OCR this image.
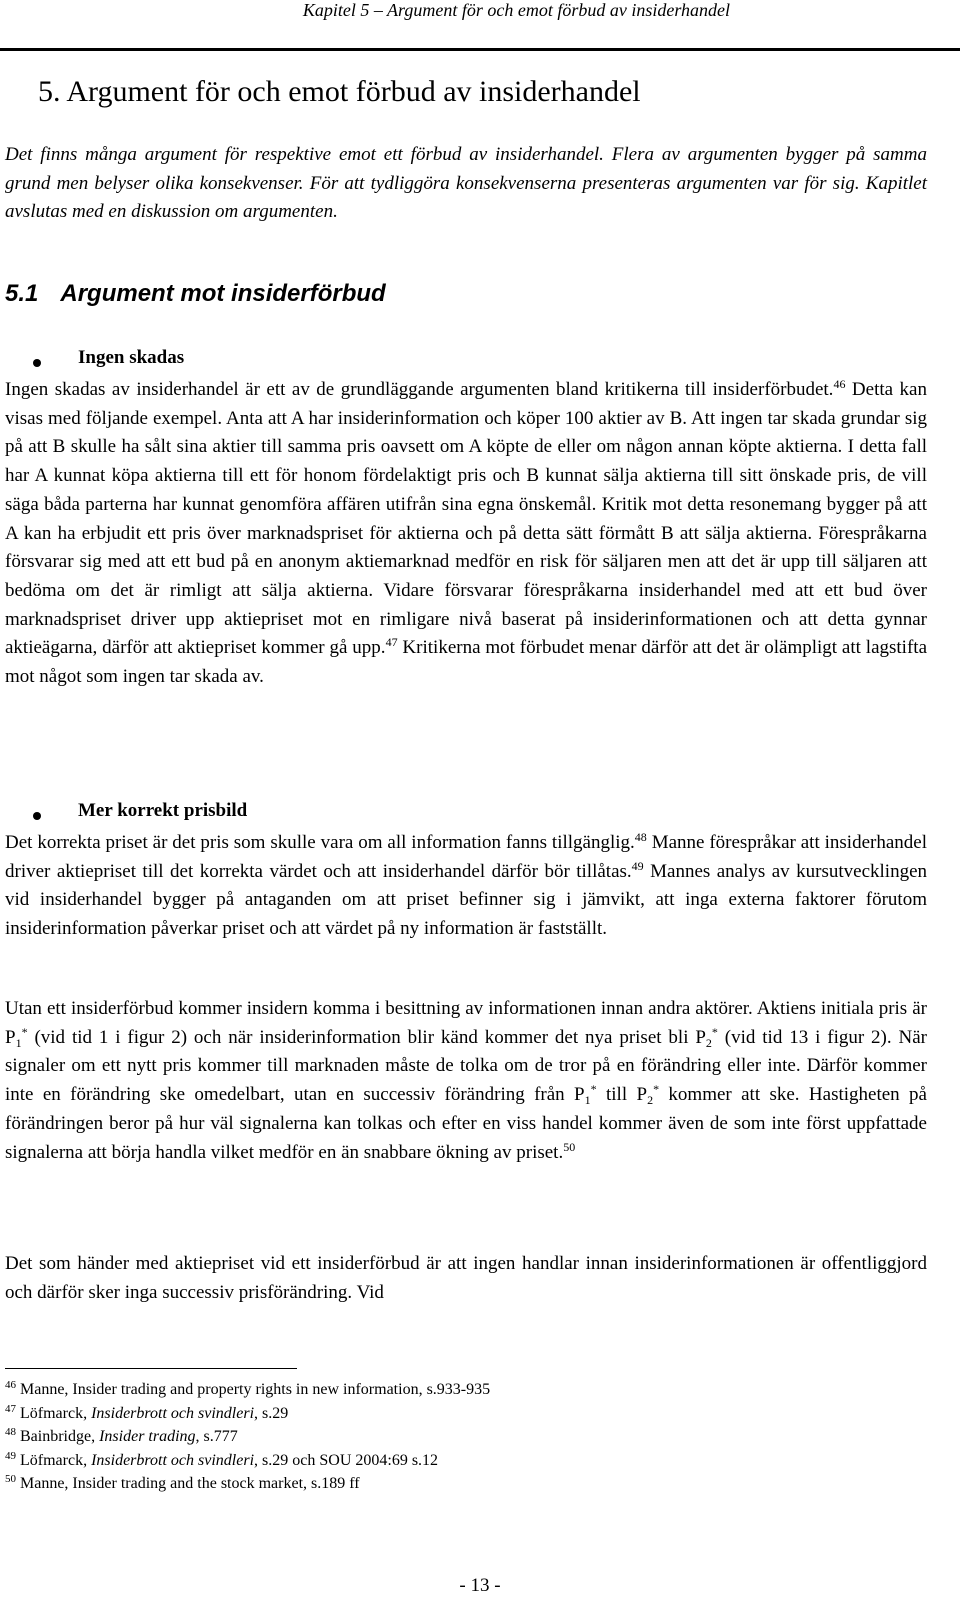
Kapitel 5 – Argument för och emot förbud av insiderhandel
5. Argument för och emot förbud av insiderhandel

Det finns många argument för respektive emot ett förbud av insiderhandel. Flera av argumenten bygger på samma grund men belyser olika konsekvenser. För att tydliggöra konsekvenserna presenteras argumenten var för sig. Kapitlet avslutas med en diskussion om argumenten.

5.1 Argument mot insiderförbud
Ingen skadas

Ingen skadas av insiderhandel är ett av de grundläggande argumenten bland kritikerna till insiderförbudet.$^{46}$ Detta kan visas med följande exempel. Anta att A har insiderinformation och köper 100 aktier av B. Att ingen tar skada grundar sig på att B skulle ha sålt sina aktier till samma pris oavsett om A köpte de eller om någon annan köpte aktierna. I detta fall har A kunnat köpa aktierna till ett för honom fördelaktigt pris och B kunnat sälja aktierna till sitt önskade pris, de vill säga båda parterna har kunnat genomföra affären utifrån sina egna önskemål. Kritik mot detta resonemang bygger på att A kan ha erbjudit ett pris över marknadspriset för aktierna och på detta sätt förmått B att sälja aktierna. Förespråkarna försvarar sig med att ett bud på en anonym aktiemarknad medför en risk för säljaren men att det är upp till säljaren att bedöma om det är rimligt att sälja aktierna. Vidare försvarar förespråkarna insiderhandel med att ett bud över marknadspriset driver upp aktiepriset mot en rimligare nivå baserat på insiderinformationen och att detta gynnar aktieägarna, därför att aktiepriset kommer gå upp.$^{47}$ Kritikerna mot förbudet menar därför att det är olämpligt att lagstifta mot något som ingen tar skada av.

Mer korrekt prisbild

Det korrekta priset är det pris som skulle vara om all information fanns tillgänglig.$^{48}$ Manne förespråkar att insiderhandel driver aktiepriset till det korrekta värdet och att insiderhandel därför bör tillåtas.$^{49}$ Mannes analys av kursutvecklingen vid insiderhandel bygger på antaganden om att priset befinner sig i jämvikt, att inga externa faktorer förutom insiderinformation påverkar priset och att värdet på ny information är fastställt.

Utan ett insiderförbud kommer insidern komma i besittning av informationen innan andra aktörer. Aktiens initiala pris är $P_1^*$ (vid tid 1 i figur 2) och när insiderinformation blir känd kommer det nya priset bli $P_2^*$ (vid tid 13 i figur 2). När signaler om ett nytt pris kommer till marknaden måste de tolka om de tror på en förändring eller inte. Därför kommer inte en förändring ske omedelbart, utan en successiv förändring från $P_1^*$ till $P_2^*$ kommer att ske. Hastigheten på förändringen beror på hur väl signalerna kan tolkas och efter en viss handel kommer även de som inte först uppfattade signalerna att börja handla vilket medför en än snabbare ökning av priset.$^{50}$

Det som händer med aktiepriset vid ett insiderförbud är att ingen handlar innan insiderinformationen är offentliggjord och därför sker inga successiv prisförändring. Vid

$^{46}$ Manne, Insider trading and property rights in new information, s.933-935
$^{47}$ Löfmarck, Insiderbrott och svindleri, s.29
$^{48}$ Bainbridge, Insider trading, s.777
$^{49}$ Löfmarck, Insiderbrott och svindleri, s.29 och SOU 2004:69 s.12
$^{50}$ Manne, Insider trading and the stock market, s.189 ff
- 13 -
